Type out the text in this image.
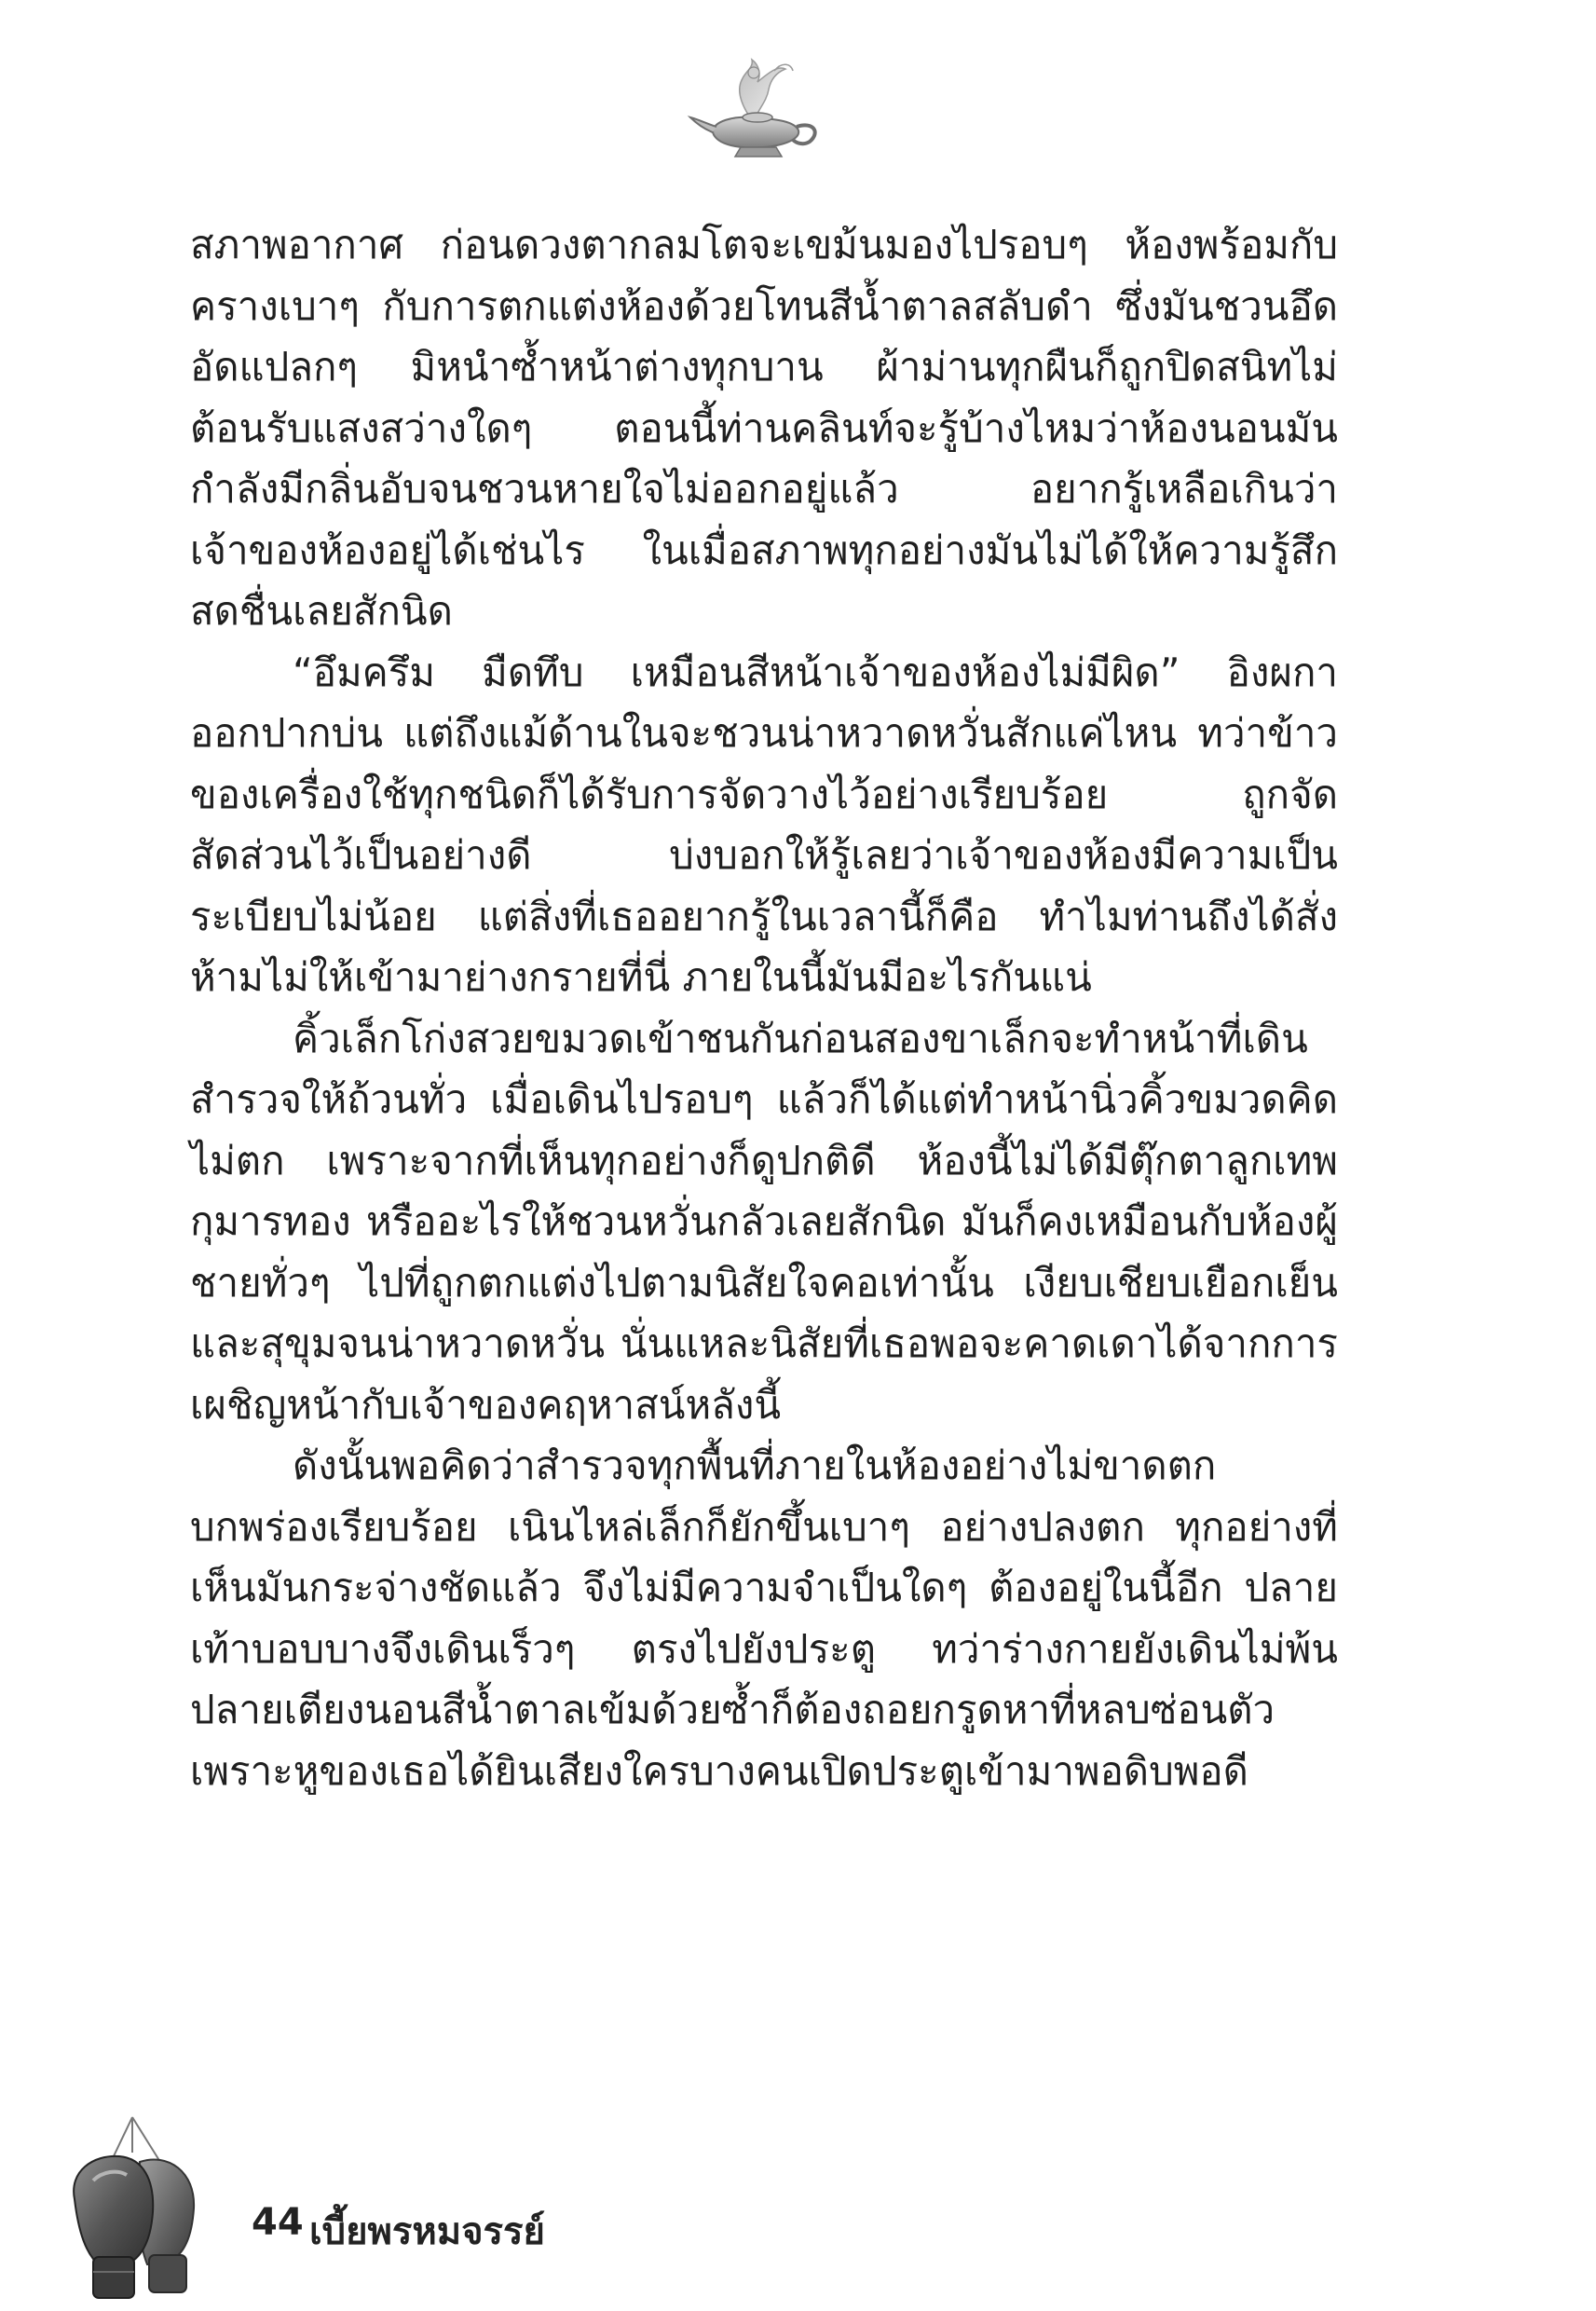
สภาพอากาศ ก่อนดวงตากลมโตจะเขม้นมองไปรอบๆ ห้องพร้อมกับครางเบาๆ กับการตกแต่งห้องด้วยโทนสีน้ำตาลสลับดำ ซึ่งมันชวนอึดอัดแปลกๆ มิหนำซ้ำหน้าต่างทุกบาน ผ้าม่านทุกผืนก็ถูกปิดสนิทไม่ต้อนรับแสงสว่างใดๆ ตอนนี้ท่านคลินท์จะรู้บ้างไหมว่าห้องนอนมันกำลังมีกลิ่นอับจนชวนหายใจไม่ออกอยู่แล้ว อยากรู้เหลือเกินว่าเจ้าของห้องอยู่ได้เช่นไร ในเมื่อสภาพทุกอย่างมันไม่ได้ให้ความรู้สึกสดชื่นเลยสักนิด

“อึมครึม มืดทึบ เหมือนสีหน้าเจ้าของห้องไม่มีผิด” อิงผกาออกปากบ่น แต่ถึงแม้ด้านในจะชวนน่าหวาดหวั่นสักแค่ไหน ทว่าข้าวของเครื่องใช้ทุกชนิดก็ได้รับการจัดวางไว้อย่างเรียบร้อย ถูกจัดสัดส่วนไว้เป็นอย่างดี บ่งบอกให้รู้เลยว่าเจ้าของห้องมีความเป็นระเบียบไม่น้อย แต่สิ่งที่เธออยากรู้ในเวลานี้ก็คือ ทำไมท่านถึงได้สั่งห้ามไม่ให้เข้ามาย่างกรายที่นี่ ภายในนี้มันมีอะไรกันแน่

คิ้วเล็กโก่งสวยขมวดเข้าชนกันก่อนสองขาเล็กจะทำหน้าที่เดินสำรวจให้ถ้วนทั่ว เมื่อเดินไปรอบๆ แล้วก็ได้แต่ทำหน้านิ่วคิ้วขมวดคิดไม่ตก เพราะจากที่เห็นทุกอย่างก็ดูปกติดี ห้องนี้ไม่ได้มีตุ๊กตาลูกเทพกุมารทอง หรืออะไรให้ชวนหวั่นกลัวเลยสักนิด มันก็คงเหมือนกับห้องผู้ชายทั่วๆ ไปที่ถูกตกแต่งไปตามนิสัยใจคอเท่านั้น เงียบเชียบเยือกเย็น และสุขุมจนน่าหวาดหวั่น นั่นแหละนิสัยที่เธอพอจะคาดเดาได้จากการเผชิญหน้ากับเจ้าของคฤหาสน์หลังนี้

ดังนั้นพอคิดว่าสำรวจทุกพื้นที่ภายในห้องอย่างไม่ขาดตกบกพร่องเรียบร้อย เนินไหล่เล็กก็ยักขึ้นเบาๆ อย่างปลงตก ทุกอย่างที่เห็นมันกระจ่างชัดแล้ว จึงไม่มีความจำเป็นใดๆ ต้องอยู่ในนี้อีก ปลายเท้าบอบบางจึงเดินเร็วๆ ตรงไปยังประตู ทว่าร่างกายยังเดินไม่พ้นปลายเตียงนอนสีน้ำตาลเข้มด้วยซ้ำก็ต้องถอยกรูดหาที่หลบซ่อนตัว เพราะหูของเธอได้ยินเสียงใครบางคนเปิดประตูเข้ามาพอดิบพอดี

44 เบี้ยพรหมจรรย์
